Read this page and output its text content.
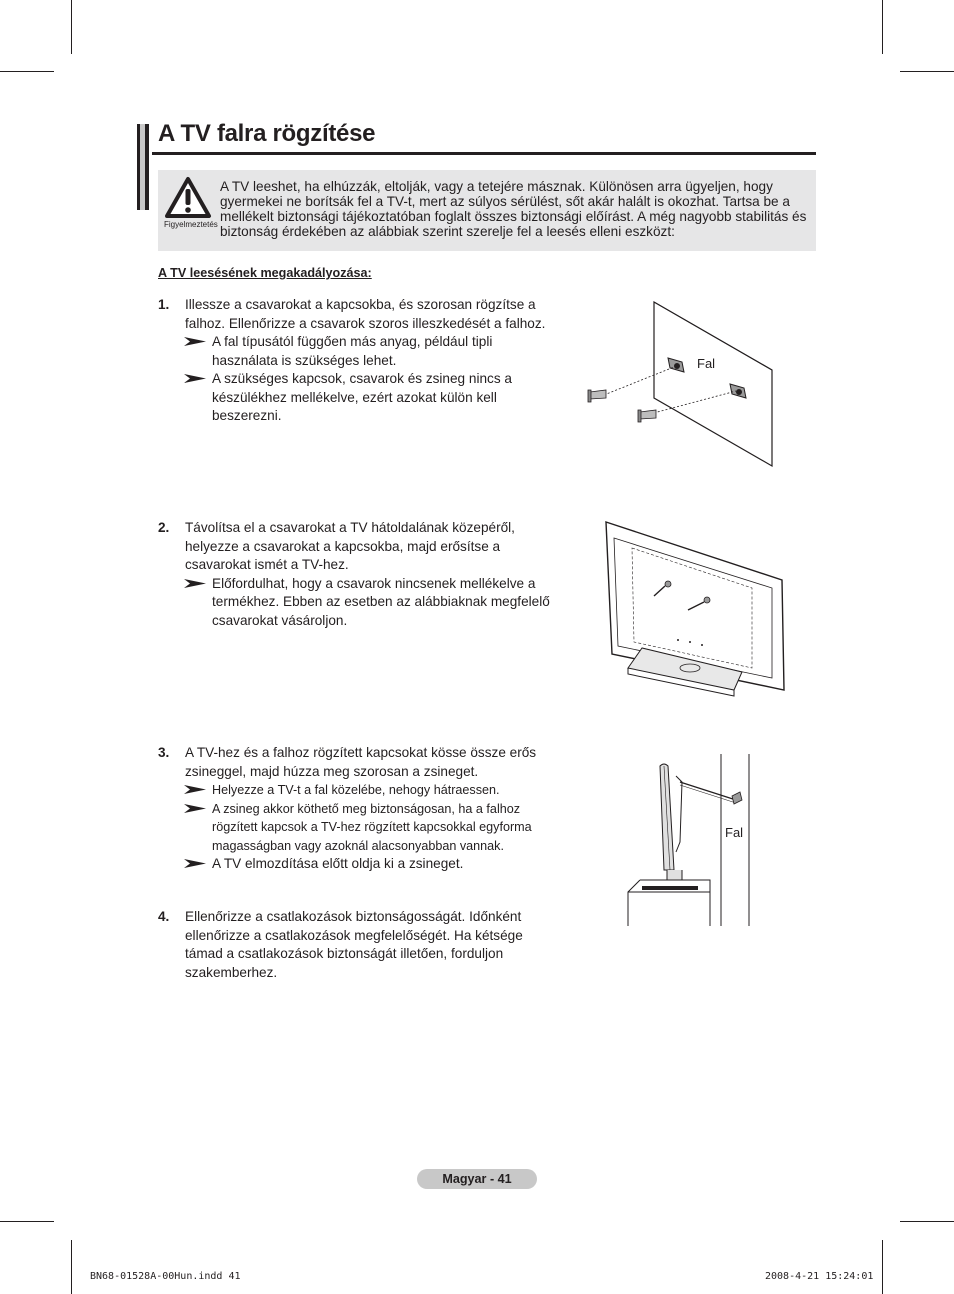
A TV falra rögzítése
Figyelmeztetés
A TV leeshet, ha elhúzzák, eltolják, vagy a tetejére másznak. Különösen arra ügyeljen, hogy gyermekei ne borítsák fel a TV-t, mert az súlyos sérülést, sőt akár halált is okozhat. Tartsa be a mellékelt biztonsági tájékoztatóban foglalt összes biztonsági előírást. A még nagyobb stabilitás és biztonság érdekében az alábbiak szerint szerelje fel a leesés elleni eszközt:
A TV leesésének megakadályozása:
1. Illessze a csavarokat a kapcsokba, és szorosan rögzítse a falhoz. Ellenőrizze a csavarok szoros illeszkedését a falhoz.
A fal típusától függően más anyag, például tipli használata is szükséges lehet.
A szükséges kapcsok, csavarok és zsineg nincs a készülékhez mellékelve, ezért azokat külön kell beszerezni.
Fal
2. Távolítsa el a csavarokat a TV hátoldalának közepéről, helyezze a csavarokat a kapcsokba, majd erősítse a csavarokat ismét a TV-hez.
Előfordulhat, hogy a csavarok nincsenek mellékelve a termékhez. Ebben az esetben az alábbiaknak megfelelő csavarokat vásároljon.
3. A TV-hez és a falhoz rögzített kapcsokat kösse össze erős zsineggel, majd húzza meg szorosan a zsineget.
Helyezze a TV-t a fal közelébe, nehogy hátraessen.
A zsineg akkor köthető meg biztonságosan, ha a falhoz rögzített kapcsok a TV-hez rögzített kapcsokkal egyforma magasságban vagy azoknál alacsonyabban vannak.
A TV elmozdítása előtt oldja ki a zsineget.
Fal
4. Ellenőrizze a csatlakozások biztonságosságát. Időnként ellenőrizze a csatlakozások megfelelőségét. Ha kétsége támad a csatlakozások biztonságát illetően, forduljon szakemberhez.
Magyar - 41
BN68-01528A-00Hun.indd 41	2008-4-21 15:24:01
